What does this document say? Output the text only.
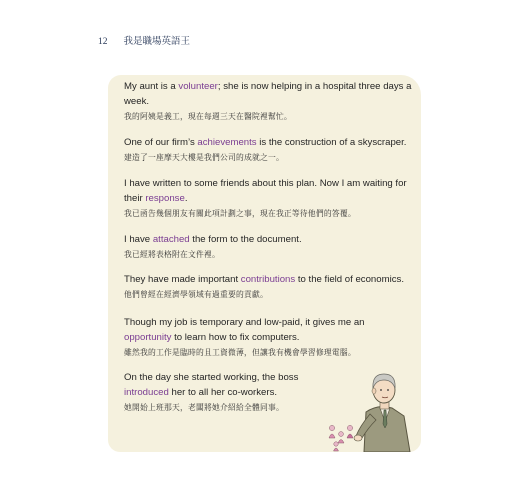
12 我是職場英語王
My aunt is a volunteer; she is now helping in a hospital three days a week.
我的阿姨是義工，現在每週三天在醫院裡幫忙。
One of our firm’s achievements is the construction of a skyscraper.
建造了一座摩天大樓是我們公司的成就之一。
I have written to some friends about this plan. Now I am waiting for their response.
我已函告幾個朋友有關此項計劃之事，現在我正等待他們的答覆。
I have attached the form to the document.
我已經將表格附在文件裡。
They have made important contributions to the field of economics.
他們曾經在經濟學領域有過重要的貢獻。
Though my job is temporary and low-paid, it gives me an opportunity to learn how to fix computers.
雖然我的工作是臨時的且工資微薄，但讓我有機會學習修理電腦。
On the day she started working, the boss introduced her to all her co-workers.
她開始上班那天，老闆將她介紹給全體同事。
